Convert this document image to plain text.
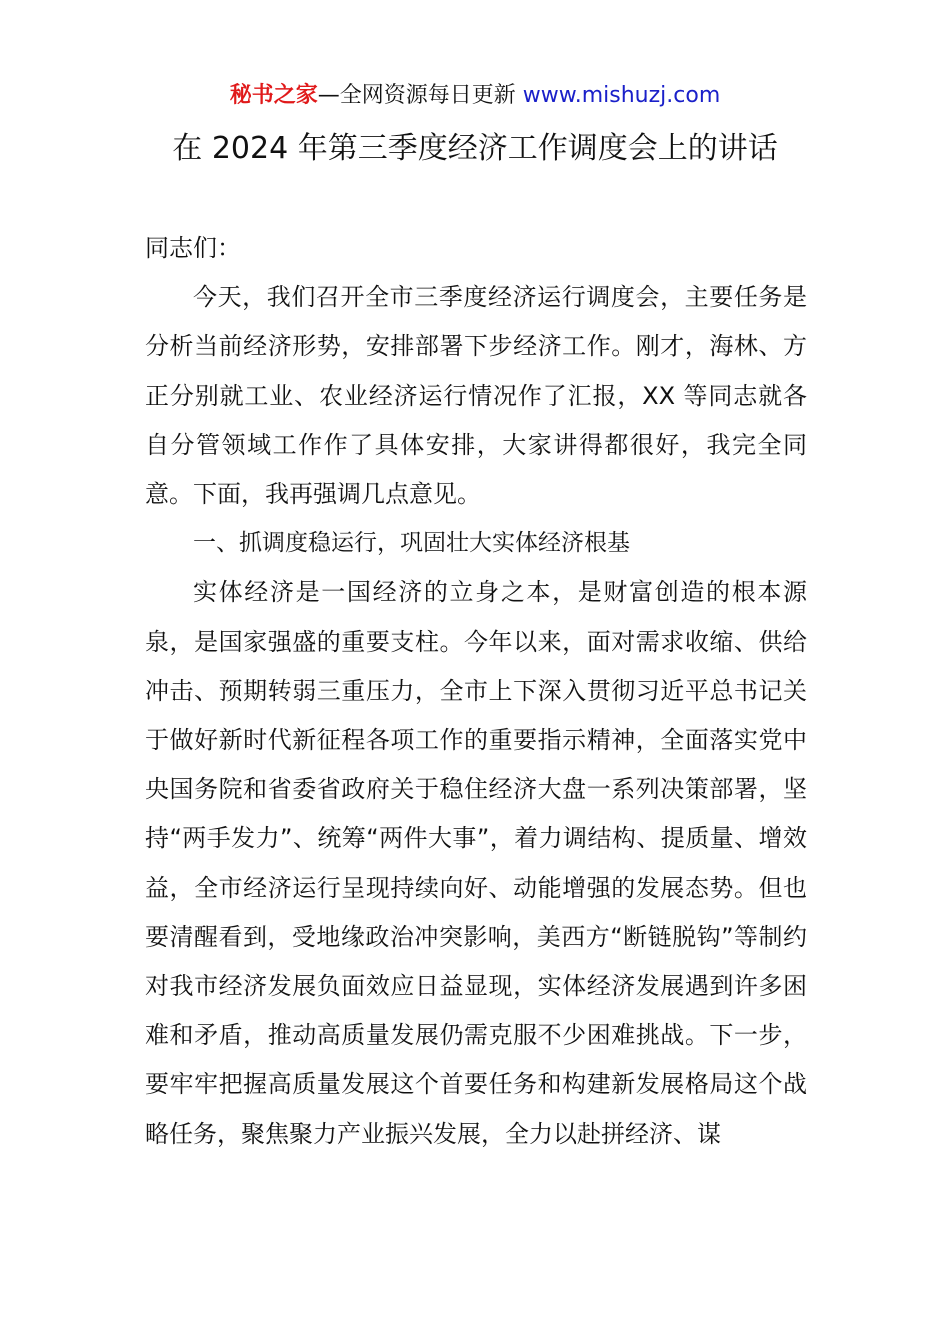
秘书之家—全网资源每日更新 www.mishuzj.com
在 2024 年第三季度经济工作调度会上的讲话

同志们：

今天，我们召开全市三季度经济运行调度会，主要任务是分析当前经济形势，安排部署下步经济工作。刚才，海林、方正分别就工业、农业经济运行情况作了汇报，XX 等同志就各自分管领域工作作了具体安排，大家讲得都很好，我完全同意。下面，我再强调几点意见。

一、抓调度稳运行，巩固壮大实体经济根基

实体经济是一国经济的立身之本，是财富创造的根本源泉，是国家强盛的重要支柱。今年以来，面对需求收缩、供给冲击、预期转弱三重压力，全市上下深入贯彻习近平总书记关于做好新时代新征程各项工作的重要指示精神，全面落实党中央国务院和省委省政府关于稳住经济大盘一系列决策部署，坚持“两手发力”、统筹“两件大事”，着力调结构、提质量、增效益，全市经济运行呈现持续向好、动能增强的发展态势。但也要清醒看到，受地缘政治冲突影响，美西方“断链脱钩”等制约对我市经济发展负面效应日益显现，实体经济发展遇到许多困难和矛盾，推动高质量发展仍需克服不少困难挑战。下一步，要牢牢把握高质量发展这个首要任务和构建新发展格局这个战略任务，聚焦聚力产业振兴发展，全力以赴拼经济、谋
